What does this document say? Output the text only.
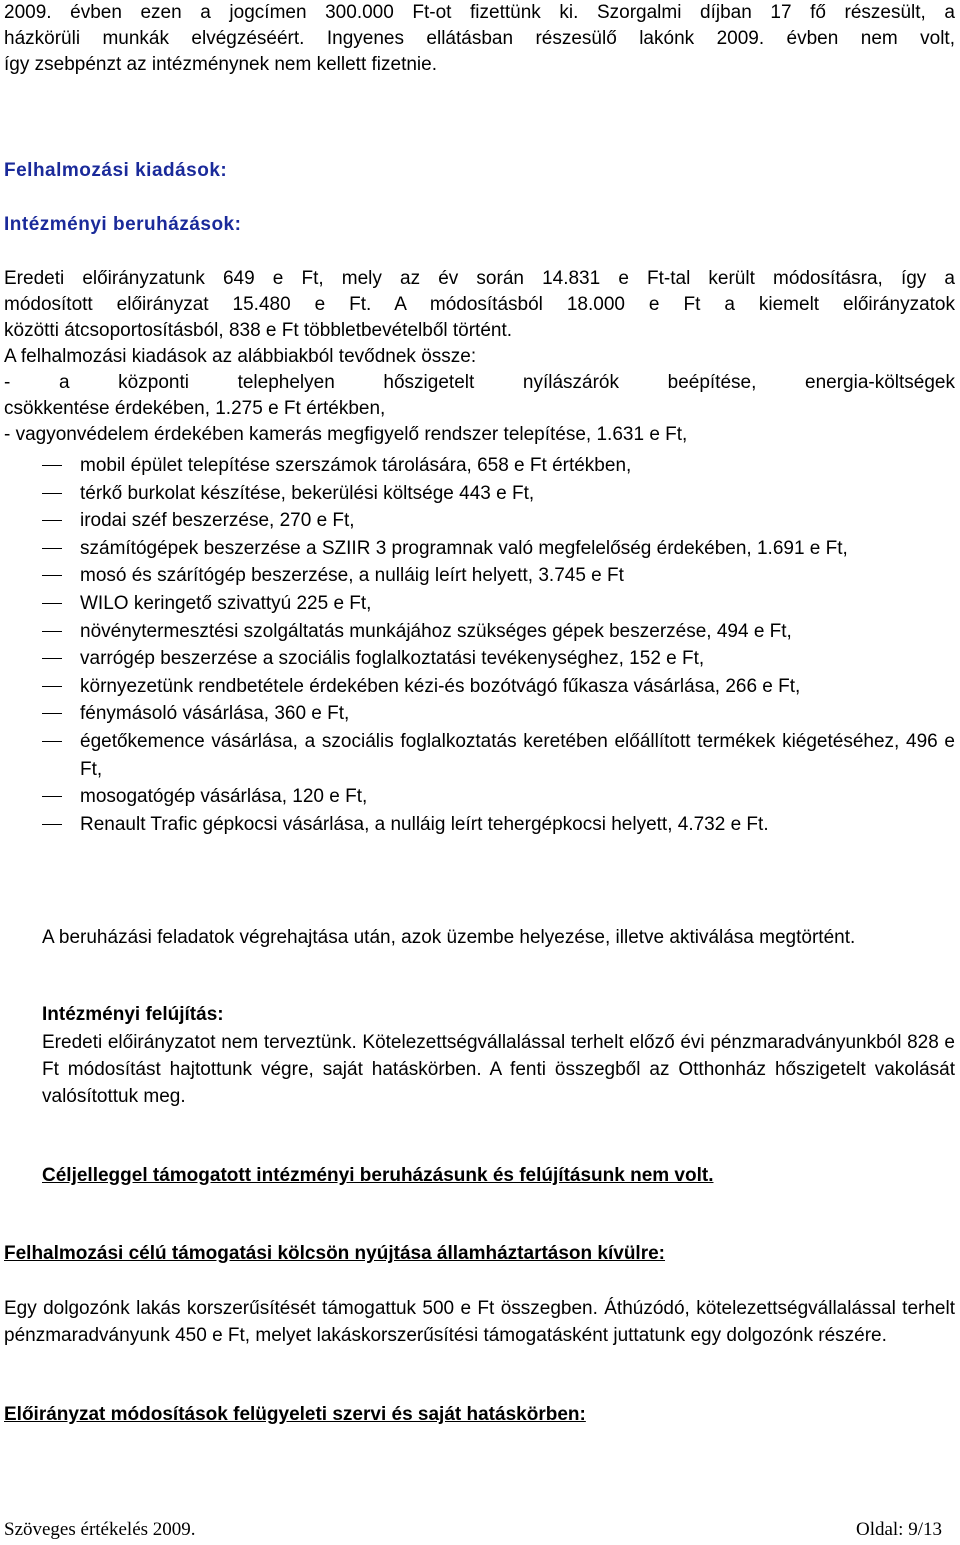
2009. évben ezen a jogcímen 300.000 Ft-ot fizettünk ki. Szorgalmi díjban 17 fő részesült, a
házkörüli munkák elvégzéséért. Ingyenes ellátásban részesülő lakónk 2009. évben nem volt,
így zsebpénzt az intézménynek nem kellett fizetnie.
Felhalmozási kiadások:
Intézményi beruházások:
Eredeti előirányzatunk 649 e Ft, mely az év során 14.831 e Ft-tal került módosításra, így a
módosított előirányzat 15.480 e Ft. A módosításból 18.000 e Ft a kiemelt előirányzatok
közötti átcsoportosításból, 838 e Ft többletbevételből történt.
A felhalmozási kiadások az alábbiakból tevődnek össze:
- a központi telephelyen hőszigetelt nyílászárók beépítése, energia-költségek
csökkentése érdekében, 1.275 e Ft értékben,
- vagyonvédelem érdekében kamerás megfigyelő rendszer telepítése, 1.631 e Ft,
mobil épület telepítése szerszámok tárolására, 658 e Ft értékben,
térkő burkolat készítése, bekerülési költsége 443 e Ft,
irodai széf beszerzése, 270 e Ft,
számítógépek beszerzése a SZIIR 3 programnak való megfelelőség érdekében, 1.691 e Ft,
mosó és szárítógép beszerzése, a nulláig leírt helyett, 3.745 e Ft
WILO keringető szivattyú 225 e Ft,
növénytermesztési szolgáltatás munkájához szükséges gépek beszerzése, 494 e Ft,
varrógép beszerzése a szociális foglalkoztatási tevékenységhez, 152 e Ft,
környezetünk rendbetétele érdekében kézi-és bozótvágó fűkasza vásárlása, 266 e Ft,
fénymásoló vásárlása, 360 e Ft,
égetőkemence vásárlása, a szociális foglalkoztatás keretében előállított termékek kiégetéséhez, 496 e Ft,
mosogatógép vásárlása, 120 e Ft,
Renault Trafic gépkocsi vásárlása, a nulláig leírt tehergépkocsi helyett, 4.732 e Ft.
A beruházási feladatok végrehajtása után, azok üzembe helyezése, illetve aktiválása megtörtént.
Intézményi felújítás:
Eredeti előirányzatot nem terveztünk. Kötelezettségvállalással terhelt előző évi pénzmaradványunkból 828 e Ft módosítást hajtottunk végre, saját hatáskörben. A fenti összegből az Otthonház hőszigetelt vakolását valósítottuk meg.
Céljelleggel támogatott intézményi beruházásunk és felújításunk nem volt.
Felhalmozási célú támogatási kölcsön nyújtása államháztartáson kívülre:
Egy dolgozónk lakás korszerűsítését támogattuk 500 e Ft összegben. Áthúzódó, kötelezettségvállalással terhelt pénzmaradványunk 450 e Ft, melyet lakáskorszerűsítési támogatásként juttatunk egy dolgozónk részére.
Előirányzat módosítások felügyeleti szervi és saját hatáskörben:
Szöveges értékelés 2009.	Oldal: 9/13
